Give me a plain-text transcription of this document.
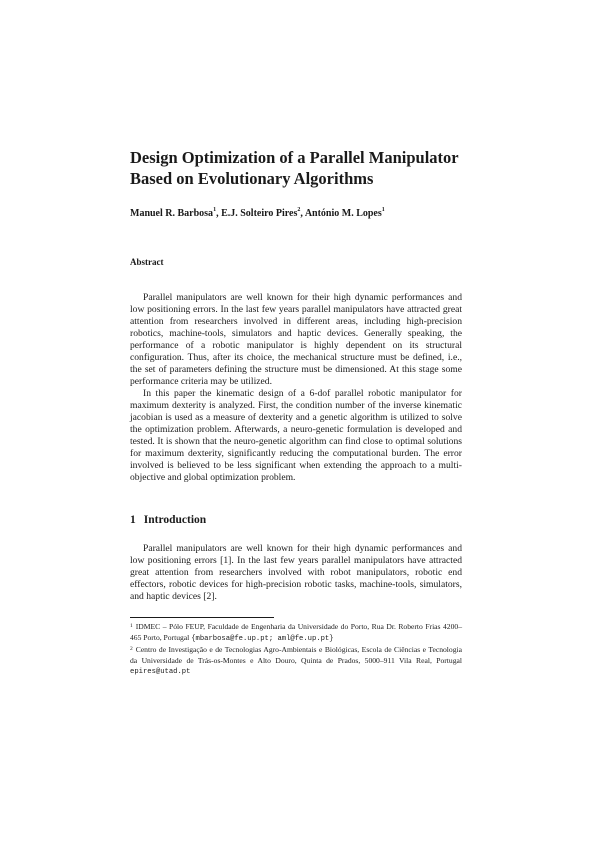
Design Optimization of a Parallel Manipulator
Based on Evolutionary Algorithms
Manuel R. Barbosa$^1$, E.J. Solteiro Pires$^2$, António M. Lopes$^1$
Abstract

Parallel manipulators are well known for their high dynamic performances and low positioning errors. In the last few years parallel manipulators have attracted great attention from researchers involved in different areas, including high-precision robotics, machine-tools, simulators and haptic devices. Generally speaking, the performance of a robotic manipulator is highly dependent on its structural configuration. Thus, after its choice, the mechanical structure must be defined, i.e., the set of parameters defining the structure must be dimensioned. At this stage some performance criteria may be utilized.

In this paper the kinematic design of a 6-dof parallel robotic manipulator for maximum dexterity is analyzed. First, the condition number of the inverse kinematic jacobian is used as a measure of dexterity and a genetic algorithm is utilized to solve the optimization problem. Afterwards, a neuro-genetic formulation is developed and tested. It is shown that the neuro-genetic algorithm can find close to optimal solutions for maximum dexterity, significantly reducing the computational burden. The error involved is believed to be less significant when extending the approach to a multi-objective and global optimization problem.

1 Introduction

Parallel manipulators are well known for their high dynamic performances and low positioning errors [1]. In the last few years parallel manipulators have attracted great attention from researchers involved with robot manipulators, robotic end effectors, robotic devices for high-precision robotic tasks, machine-tools, simulators, and haptic devices [2].

$^1$ IDMEC – Pólo FEUP, Faculdade de Engenharia da Universidade do Porto, Rua Dr. Roberto Frias 4200–465 Porto, Portugal {mbarbosa@fe.up.pt; aml@fe.up.pt}

$^2$ Centro de Investigação e de Tecnologias Agro-Ambientais e Biológicas, Escola de Ciências e Tecnologia da Universidade de Trás-os-Montes e Alto Douro, Quinta de Prados, 5000–911 Vila Real, Portugal epires@utad.pt
